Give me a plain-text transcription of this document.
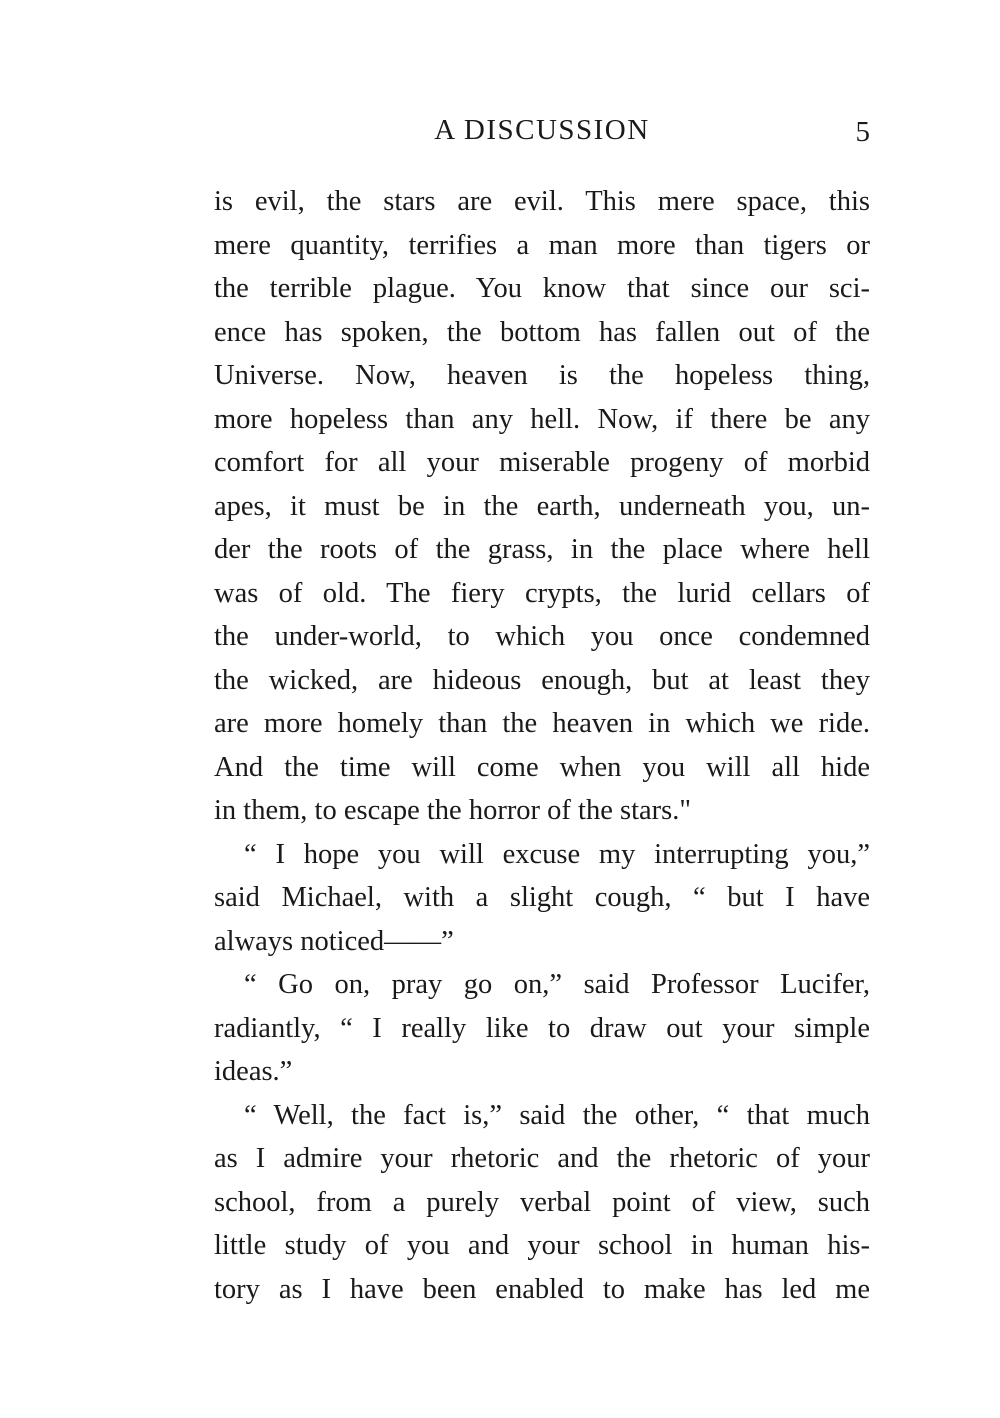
A DISCUSSION	5
is evil, the stars are evil. This mere space, this
mere quantity, terrifies a man more than tigers or
the terrible plague. You know that since our sci-
ence has spoken, the bottom has fallen out of the
Universe. Now, heaven is the hopeless thing,
more hopeless than any hell. Now, if there be any
comfort for all your miserable progeny of morbid
apes, it must be in the earth, underneath you, un-
der the roots of the grass, in the place where hell
was of old. The fiery crypts, the lurid cellars of
the under-world, to which you once condemned
the wicked, are hideous enough, but at least they
are more homely than the heaven in which we ride.
And the time will come when you will all hide
in them, to escape the horror of the stars."
“ I hope you will excuse my interrupting you,”
said Michael, with a slight cough, “ but I have
always noticed——”
“ Go on, pray go on,” said Professor Lucifer,
radiantly, “ I really like to draw out your simple
ideas.”
“ Well, the fact is,” said the other, “ that much
as I admire your rhetoric and the rhetoric of your
school, from a purely verbal point of view, such
little study of you and your school in human his-
tory as I have been enabled to make has led me
